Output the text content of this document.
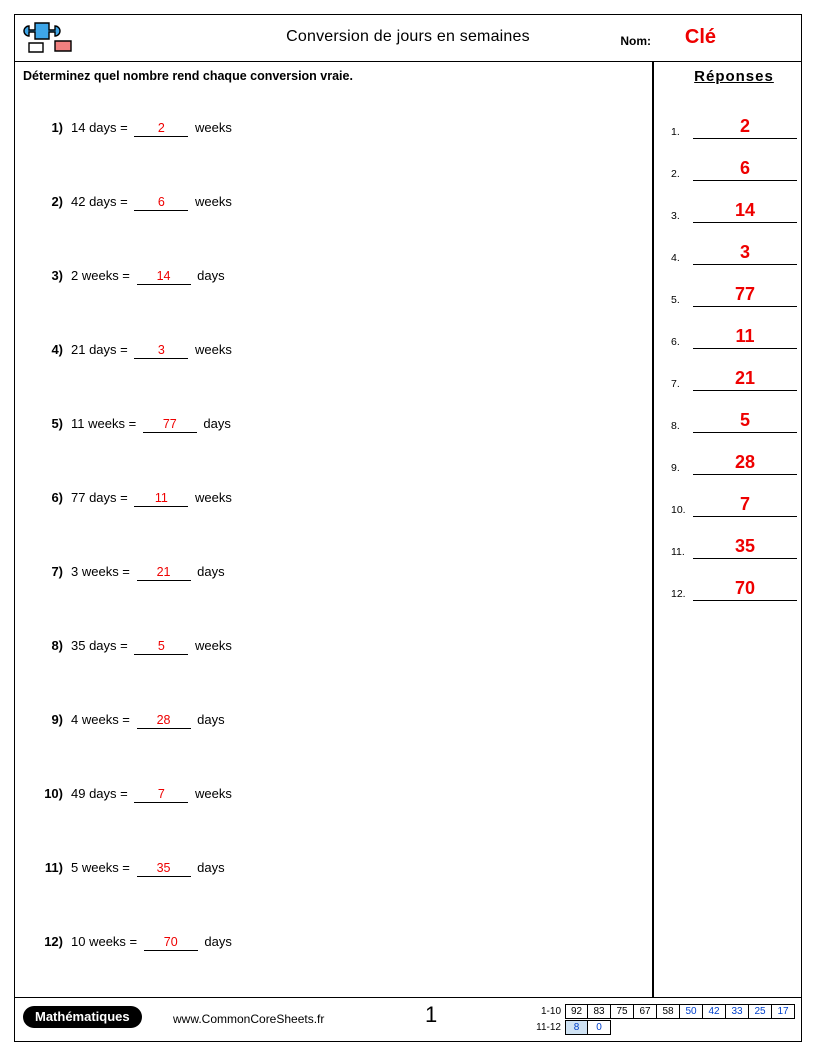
Conversion de jours en semaines	Nom: Clé
Déterminez quel nombre rend chaque conversion vraie.
1) 14 days = 2 weeks
2) 42 days = 6 weeks
3) 2 weeks = 14 days
4) 21 days = 3 weeks
5) 11 weeks = 77 days
6) 77 days = 11 weeks
7) 3 weeks = 21 days
8) 35 days = 5 weeks
9) 4 weeks = 28 days
10) 49 days = 7 weeks
11) 5 weeks = 35 days
12) 10 weeks = 70 days
Réponses
1.	2
2.	6
3.	14
4.	3
5.	77
6.	11
7.	21
8.	5
9.	28
10.	7
11.	35
12.	70
Mathématiques	www.CommonCoreSheets.fr	1	1-10 92	83	75	67	58	50	42	33	25	17
11-12	8	0
